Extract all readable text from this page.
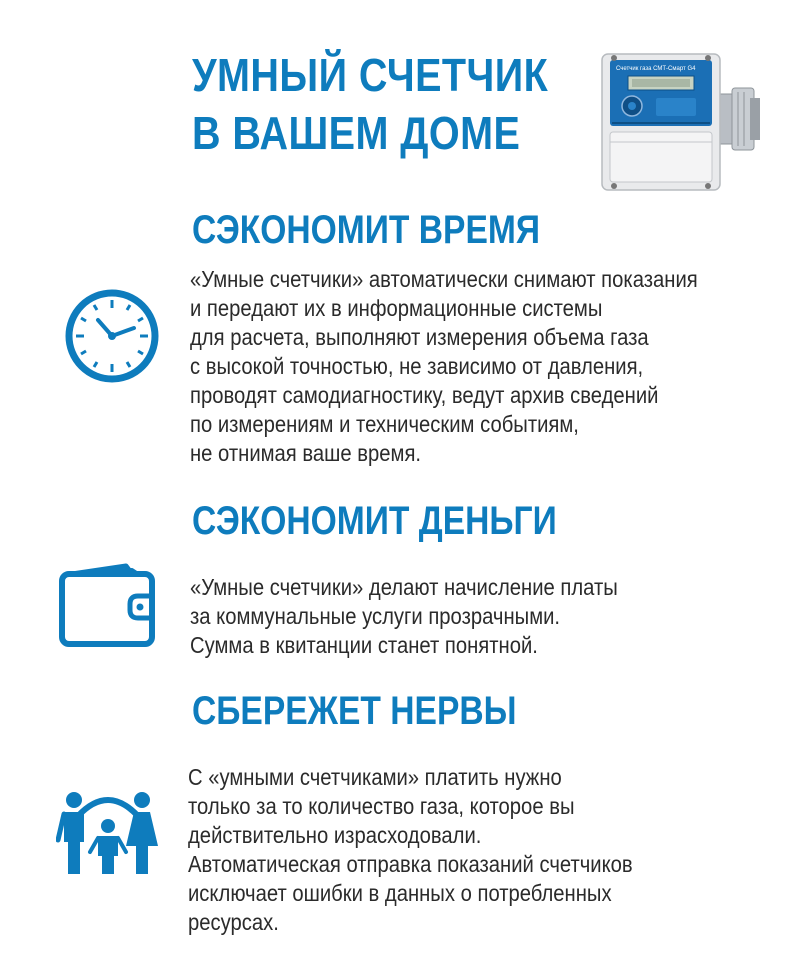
УМНЫЙ СЧЕТЧИК
В ВАШЕМ ДОМЕ
Счетчик газа СМТ-Смарт G4
СЭКОНОМИТ ВРЕМЯ
«Умные счетчики» автоматически снимают показания
и передают их в информационные системы
для расчета, выполняют измерения объема газа
с высокой точностью, не зависимо от давления,
проводят самодиагностику, ведут архив сведений
по измерениям и техническим событиям,
не отнимая ваше время.
СЭКОНОМИТ ДЕНЬГИ
«Умные счетчики» делают начисление платы
за коммунальные услуги прозрачными.
Сумма в квитанции станет понятной.
СБЕРЕЖЕТ НЕРВЫ
С «умными счетчиками» платить нужно
только за то количество газа, которое вы
действительно израсходовали.
Автоматическая отправка показаний счетчиков
исключает ошибки в данных о потребленных
ресурсах.
